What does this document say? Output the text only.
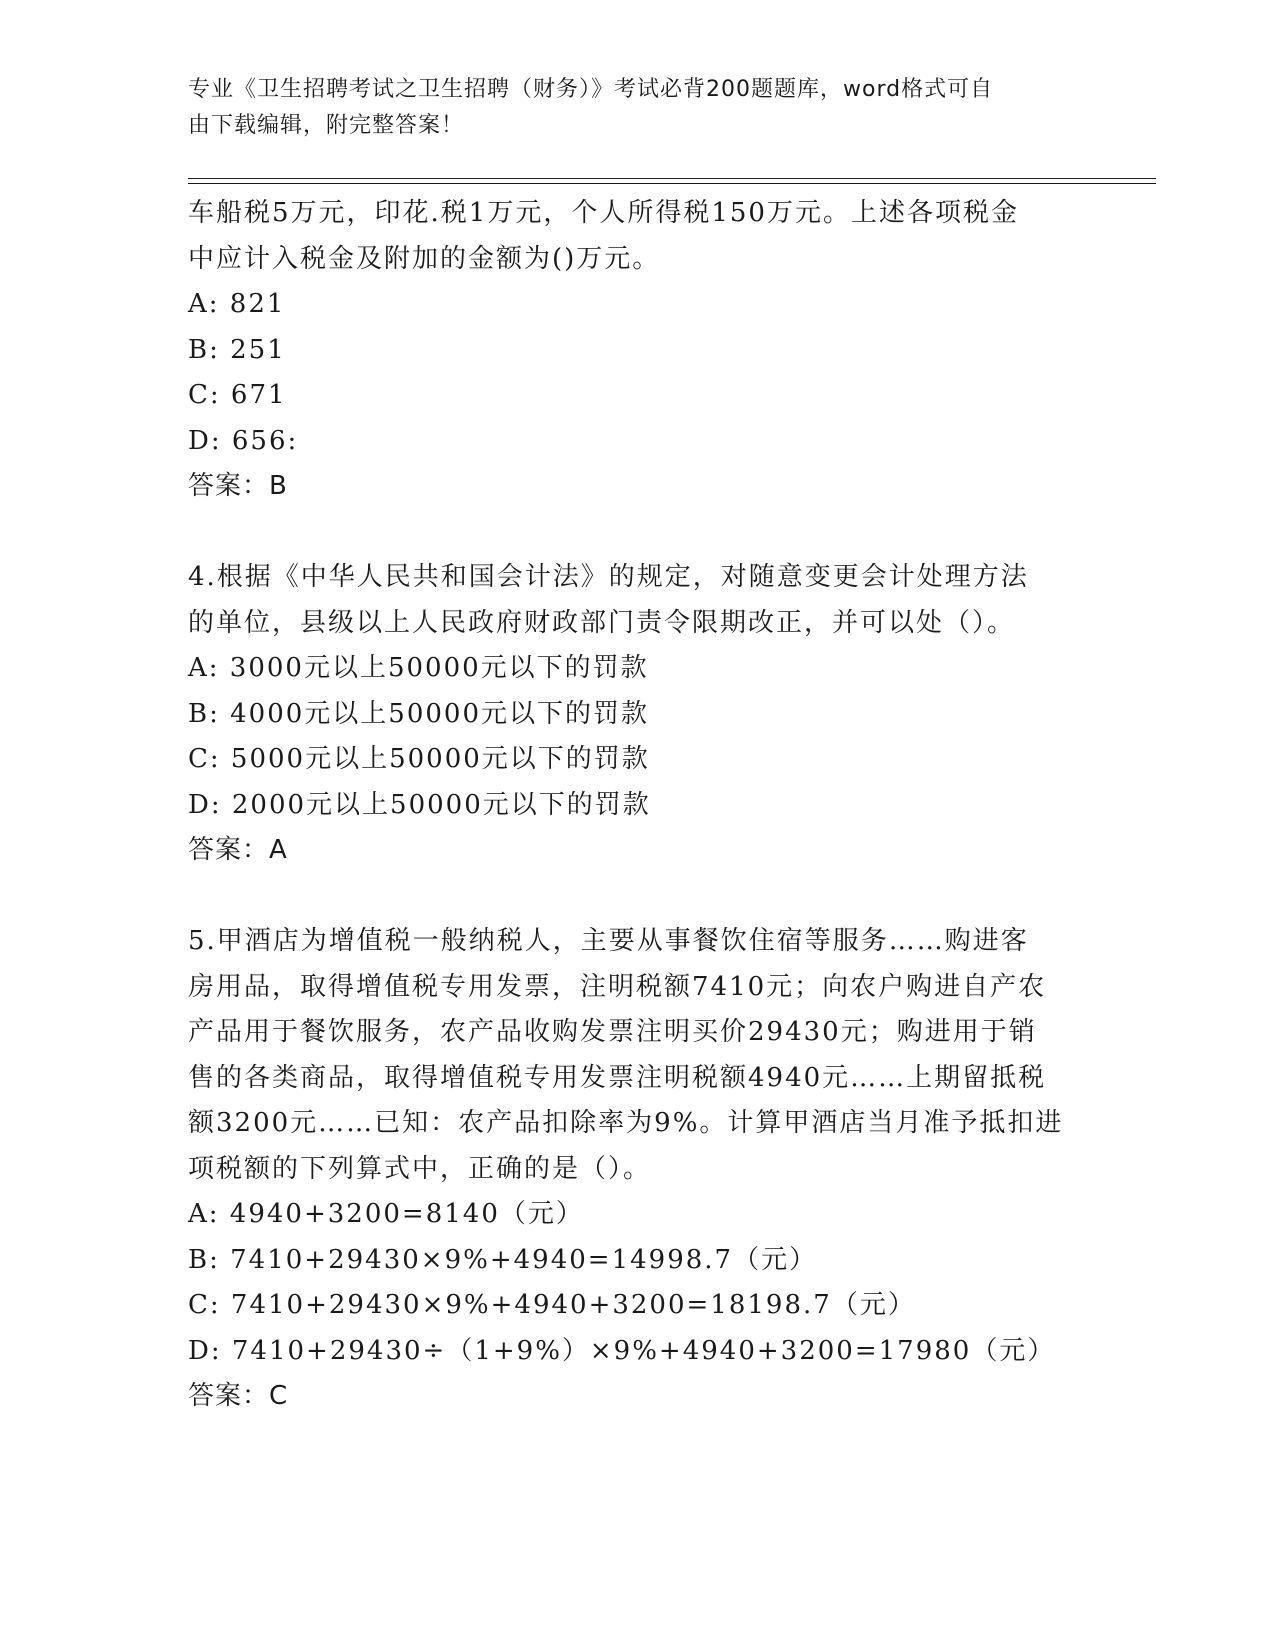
专业《卫生招聘考试之卫生招聘（财务）》考试必背200题题库，word格式可自
由下载编辑，附完整答案！
车船税5万元，印花.税1万元，个人所得税150万元。上述各项税金
中应计入税金及附加的金额为()万元。
A: 821
B: 251
C: 671
D: 656:
答案：B
4.根据《中华人民共和国会计法》的规定，对随意变更会计处理方法
的单位，县级以上人民政府财政部门责令限期改正，并可以处（）。
A: 3000元以上50000元以下的罚款
B: 4000元以上50000元以下的罚款
C: 5000元以上50000元以下的罚款
D: 2000元以上50000元以下的罚款
答案：A
5.甲酒店为增值税一般纳税人，主要从事餐饮住宿等服务……购进客
房用品，取得增值税专用发票，注明税额7410元；向农户购进自产农
产品用于餐饮服务，农产品收购发票注明买价29430元；购进用于销
售的各类商品，取得增值税专用发票注明税额4940元……上期留抵税
额3200元……已知：农产品扣除率为9%。计算甲酒店当月准予抵扣进
项税额的下列算式中，正确的是（）。
A: 4940+3200=8140（元）
B: 7410+29430×9%+4940=14998.7（元）
C: 7410+29430×9%+4940+3200=18198.7（元）
D: 7410+29430÷（1+9%）×9%+4940+3200=17980（元）
答案：C
